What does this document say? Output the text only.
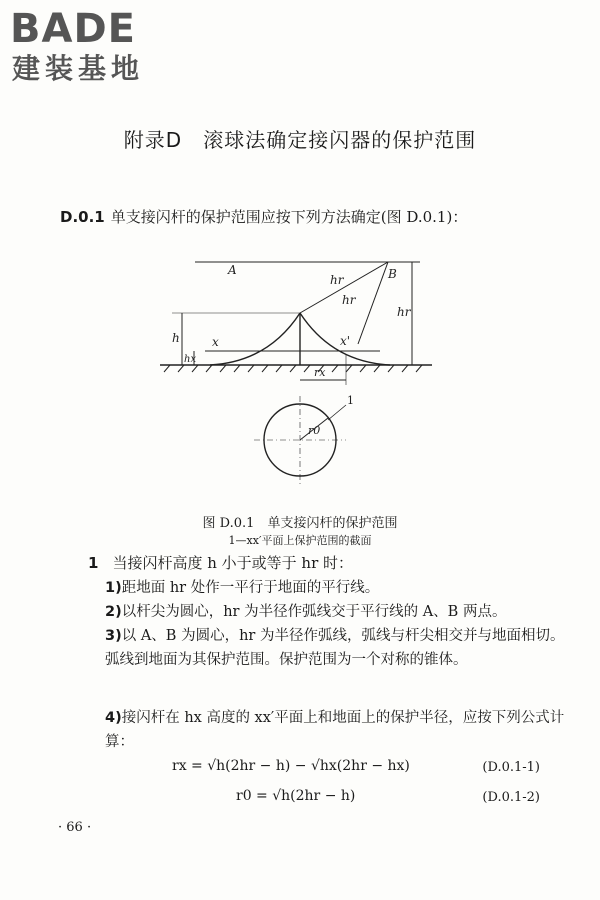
BADE
建装基地
附录D　滚球法确定接闪器的保护范围
D.0.1 单支接闪杆的保护范围应按下列方法确定(图 D.0.1)：
A	B
hr
hr
hr
h
hx
x	x'
rx
r0
1
图 D.0.1　单支接闪杆的保护范围
1—xx′平面上保护范围的截面
1 当接闪杆高度 h 小于或等于 hr 时：
1)距地面 hr 处作一平行于地面的平行线。
2)以杆尖为圆心，hr 为半径作弧线交于平行线的 A、B 两点。
3)以 A、B 为圆心，hr 为半径作弧线，弧线与杆尖相交并与地面相切。弧线到地面为其保护范围。保护范围为一个对称的锥体。
4)接闪杆在 hx 高度的 xx′平面上和地面上的保护半径，应按下列公式计算：
rx = √h(2hr − h) − √hx(2hr − hx)	(D.0.1-1)
r0 = √h(2hr − h)	(D.0.1-2)
· 66 ·
